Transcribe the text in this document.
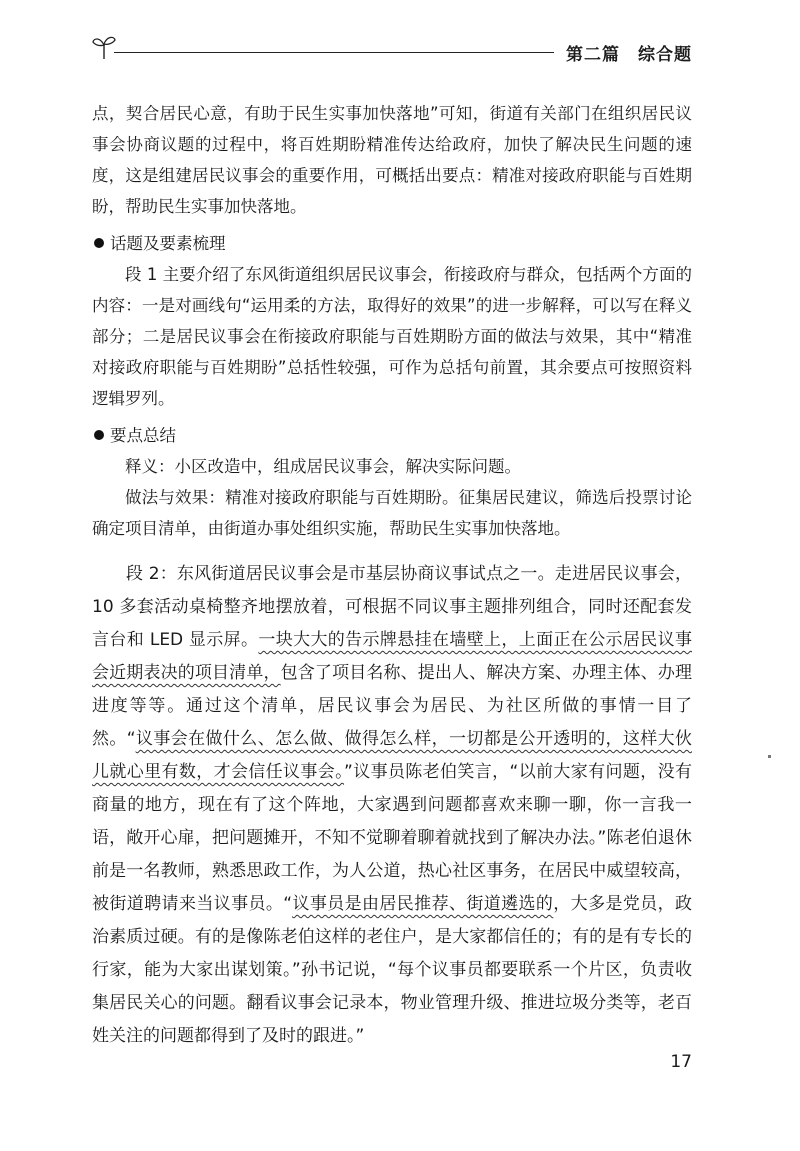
第二篇 综合题

点，契合居民心意，有助于民生实事加快落地”可知，街道有关部门在组织居民议事会协商议题的过程中，将百姓期盼精准传达给政府，加快了解决民生问题的速度，这是组建居民议事会的重要作用，可概括出要点：精准对接政府职能与百姓期盼，帮助民生实事加快落地。

话题及要素梳理

段 1 主要介绍了东风街道组织居民议事会，衔接政府与群众，包括两个方面的内容：一是对画线句“运用柔的方法，取得好的效果”的进一步解释，可以写在释义部分；二是居民议事会在衔接政府职能与百姓期盼方面的做法与效果，其中“精准对接政府职能与百姓期盼”总括性较强，可作为总括句前置，其余要点可按照资料逻辑罗列。

要点总结

释义：小区改造中，组成居民议事会，解决实际问题。

做法与效果：精准对接政府职能与百姓期盼。征集居民建议，筛选后投票讨论确定项目清单，由街道办事处组织实施，帮助民生实事加快落地。

段 2：东风街道居民议事会是市基层协商议事试点之一。走进居民议事会，10 多套活动桌椅整齐地摆放着，可根据不同议事主题排列组合，同时还配套发言台和 LED 显示屏。一块大大的告示牌悬挂在墙壁上，上面正在公示居民议事会近期表决的项目清单，包含了项目名称、提出人、解决方案、办理主体、办理进度等等。通过这个清单，居民议事会为居民、为社区所做的事情一目了然。“议事会在做什么、怎么做、做得怎么样，一切都是公开透明的，这样大伙儿就心里有数，才会信任议事会。”议事员陈老伯笑言，“以前大家有问题，没有商量的地方，现在有了这个阵地，大家遇到问题都喜欢来聊一聊，你一言我一语，敞开心扉，把问题摊开，不知不觉聊着聊着就找到了解决办法。”陈老伯退休前是一名教师，熟悉思政工作，为人公道，热心社区事务，在居民中威望较高，被街道聘请来当议事员。“议事员是由居民推荐、街道遴选的，大多是党员，政治素质过硬。有的是像陈老伯这样的老住户，是大家都信任的；有的是有专长的行家，能为大家出谋划策。”孙书记说，“每个议事员都要联系一个片区，负责收集居民关心的问题。翻看议事会记录本，物业管理升级、推进垃圾分类等，老百姓关注的问题都得到了及时的跟进。”

17
